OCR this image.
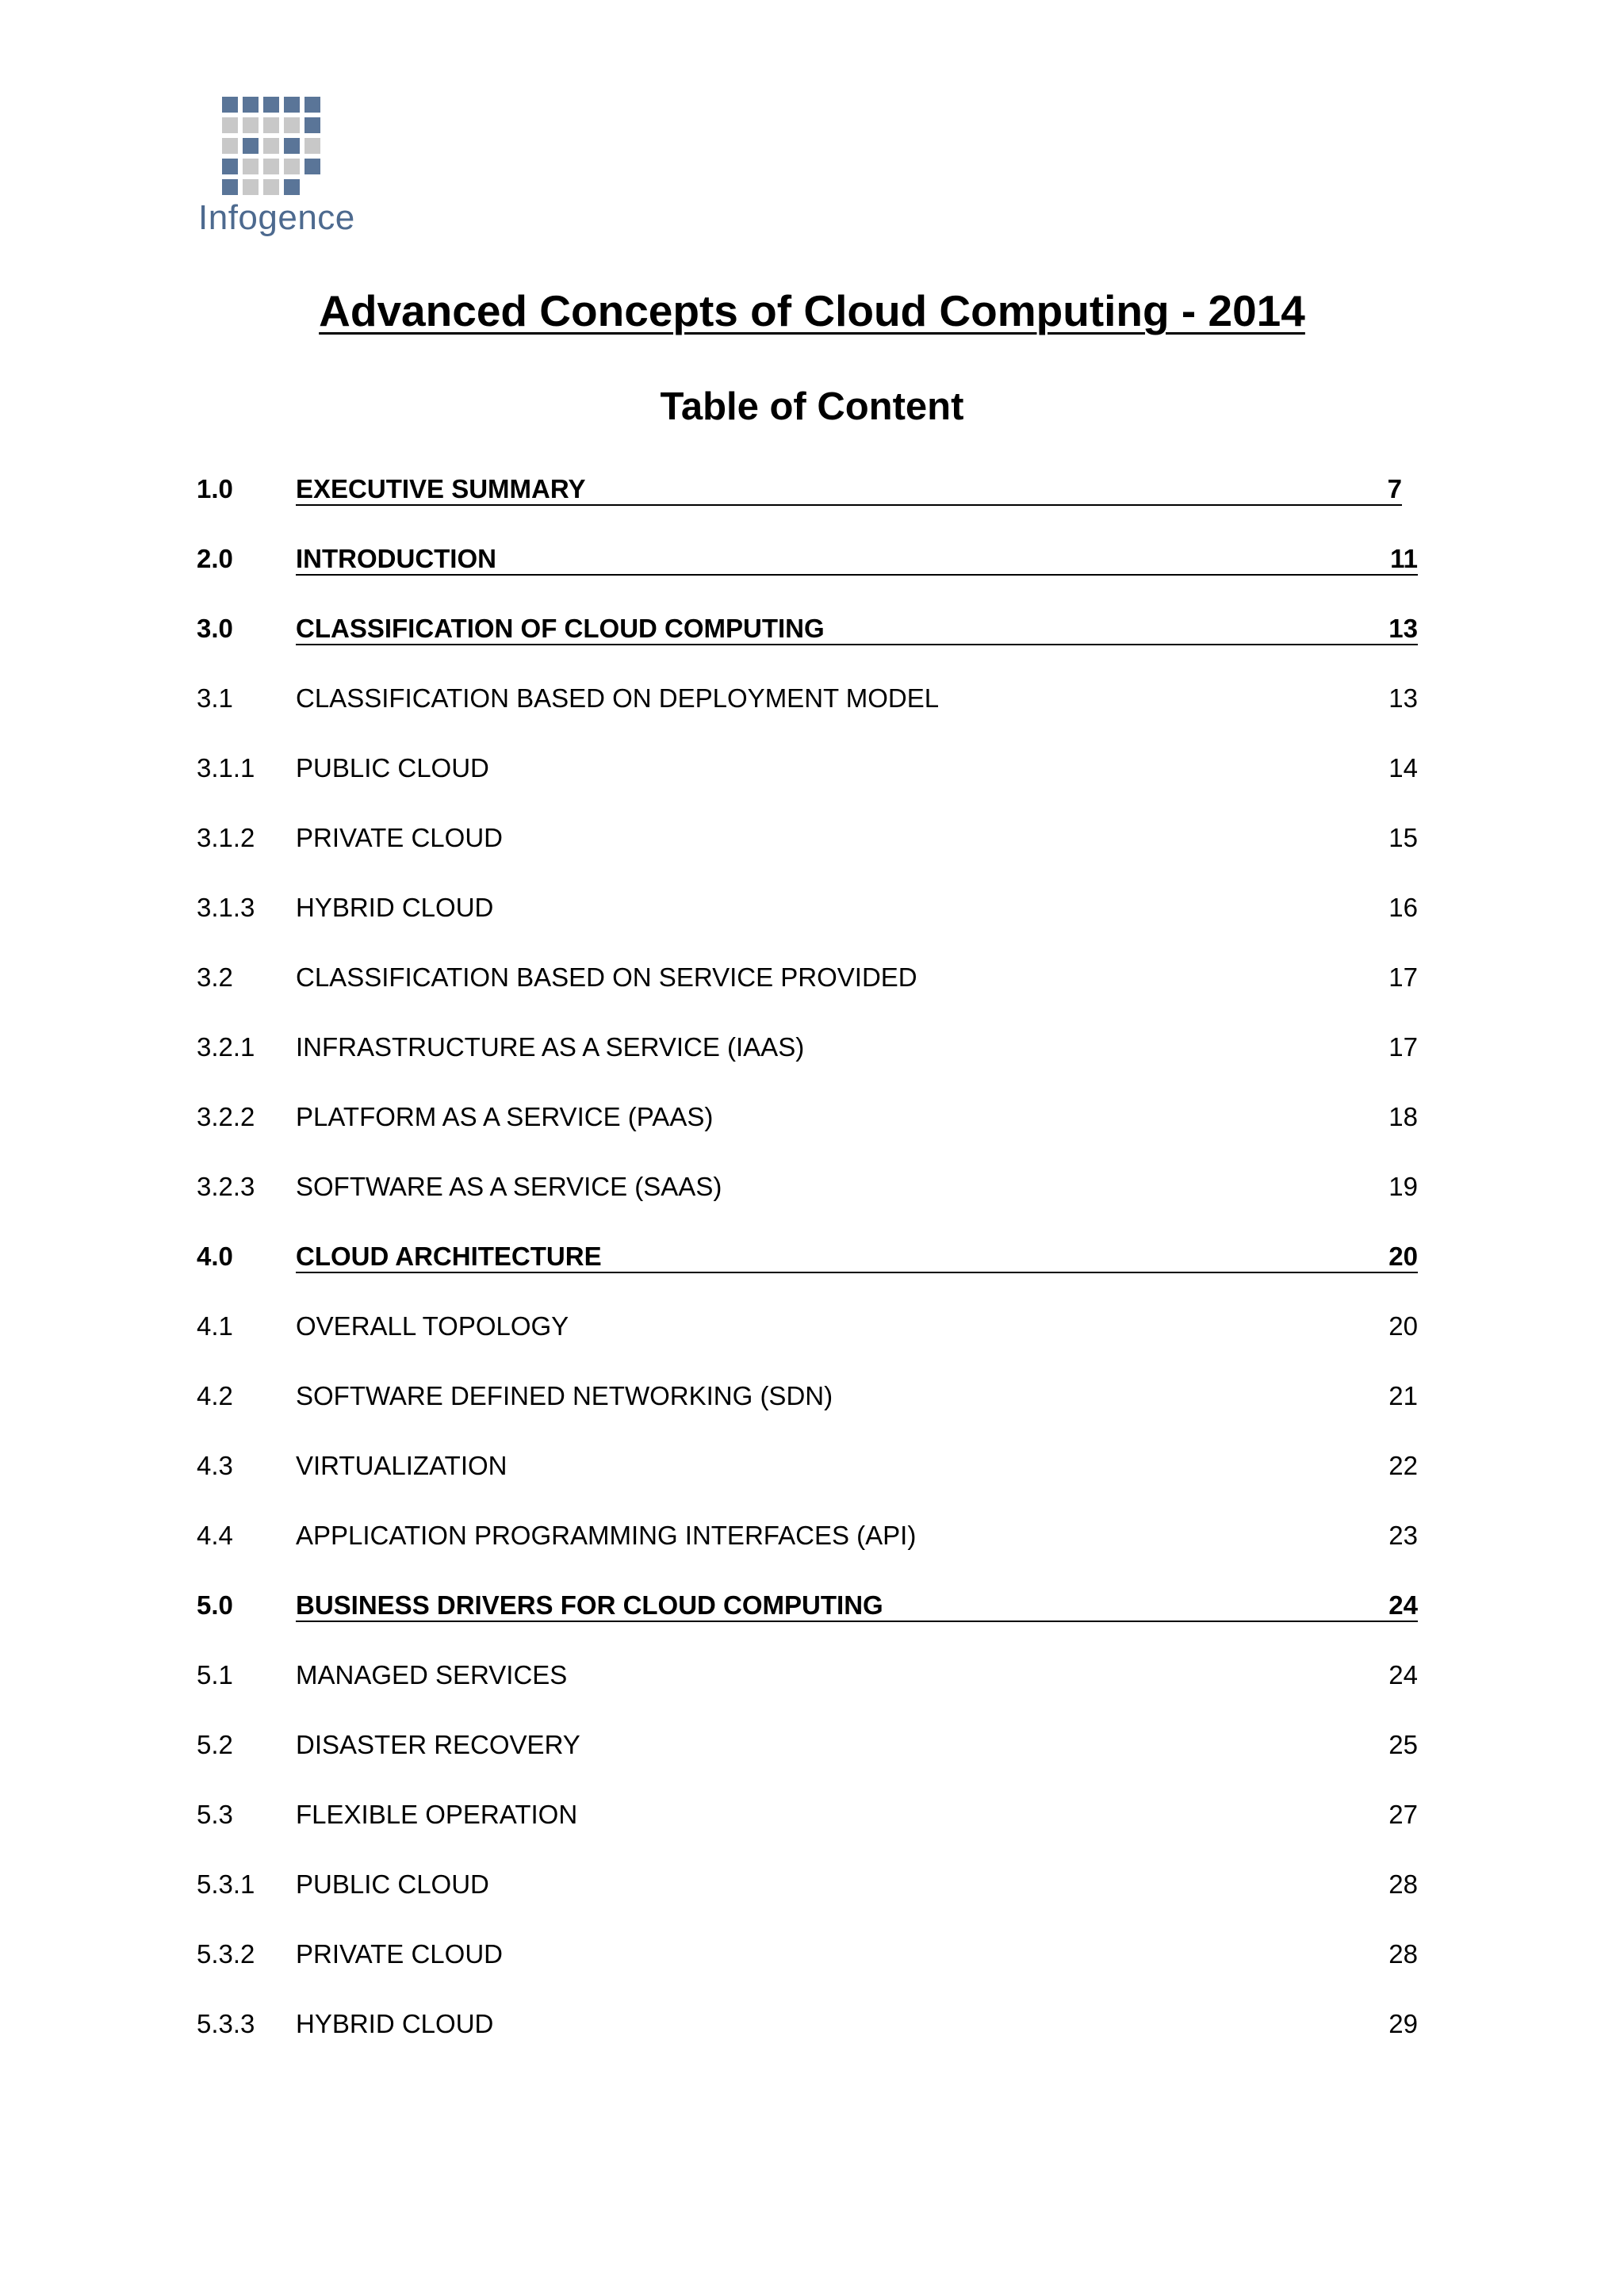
Infogence
Advanced Concepts of Cloud Computing - 2014
Table of Content
1.0	EXECUTIVE SUMMARY	7
2.0	INTRODUCTION	11
3.0	CLASSIFICATION OF CLOUD COMPUTING	13
3.1	CLASSIFICATION BASED ON DEPLOYMENT MODEL	13
3.1.1	PUBLIC CLOUD	14
3.1.2	PRIVATE CLOUD	15
3.1.3	HYBRID CLOUD	16
3.2	CLASSIFICATION BASED ON SERVICE PROVIDED	17
3.2.1	INFRASTRUCTURE AS A SERVICE (IAAS)	17
3.2.2	PLATFORM AS A SERVICE (PAAS)	18
3.2.3	SOFTWARE AS A SERVICE (SAAS)	19
4.0	CLOUD ARCHITECTURE	20
4.1	OVERALL TOPOLOGY	20
4.2	SOFTWARE DEFINED NETWORKING (SDN)	21
4.3	VIRTUALIZATION	22
4.4	APPLICATION PROGRAMMING INTERFACES (API)	23
5.0	BUSINESS DRIVERS FOR CLOUD COMPUTING	24
5.1	MANAGED SERVICES	24
5.2	DISASTER RECOVERY	25
5.3	FLEXIBLE OPERATION	27
5.3.1	PUBLIC CLOUD	28
5.3.2	PRIVATE CLOUD	28
5.3.3	HYBRID CLOUD	29
